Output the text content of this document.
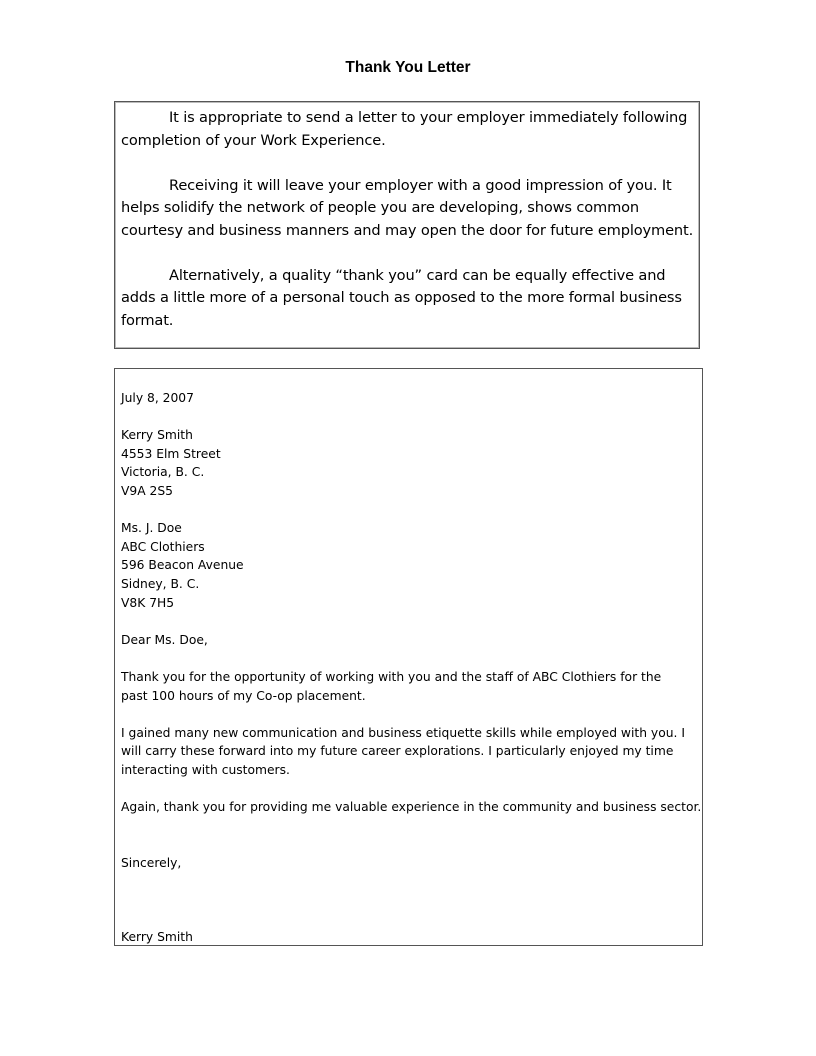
Thank You Letter

It is appropriate to send a letter to your employer immediately following completion of your Work Experience.

Receiving it will leave your employer with a good impression of you. It helps solidify the network of people you are developing, shows common courtesy and business manners and may open the door for future employment.

Alternatively, a quality “thank you” card can be equally effective and adds a little more of a personal touch as opposed to the more formal business format.

July 8, 2007
Kerry Smith
4553 Elm Street
Victoria, B. C.
V9A 2S5
Ms. J. Doe
ABC Clothiers
596 Beacon Avenue
Sidney, B. C.
V8K 7H5
Dear Ms. Doe,
Thank you for the opportunity of working with you and the staff of ABC Clothiers for the
past 100 hours of my Co-op placement.
I gained many new communication and business etiquette skills while employed with you. I
will carry these forward into my future career explorations. I particularly enjoyed my time
interacting with customers.
Again, thank you for providing me valuable experience in the community and business sector.
Sincerely,
Kerry Smith
